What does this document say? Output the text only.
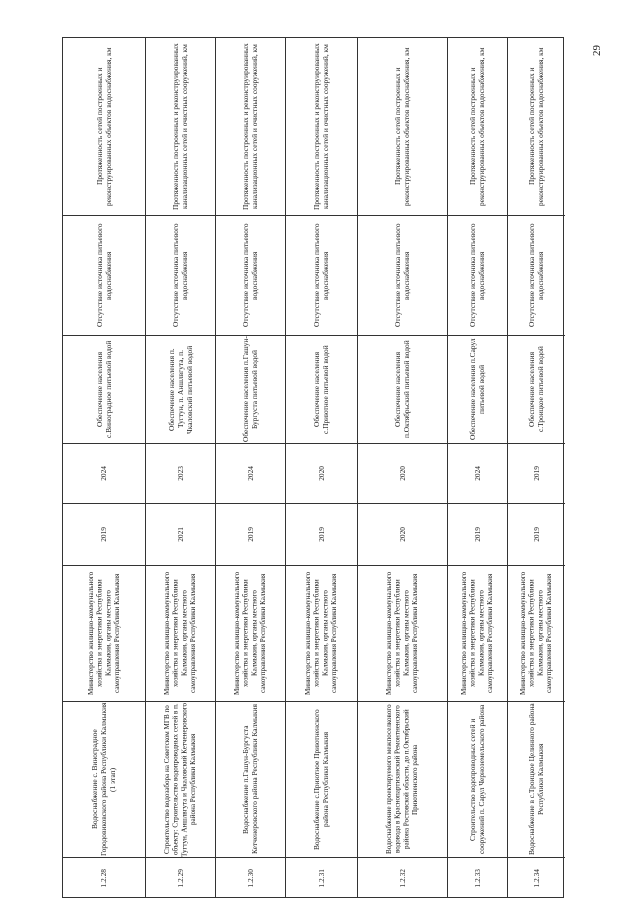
29
Протяженность сетей построенных и реконструированных объектов водоснабжения, км
Отсутствие источника питьевого водоснабжения
Обеспечение населения с.Виноградное питьевой водой
2024
2019
Министерство жилищно-коммунального хозяйства и энергетики Республики Калмыкия, органы местного самоуправления Республики Калмыкия
Водоснабжение с. Виноградное Городовиковского района Республики Калмыкия (1 этап)
1.2.28
Протяженность построенных и реконструированных канализационных сетей и очистных сооружений, км
Отсутствие источника питьевого водоснабжения
Обеспечение населения п. Тугтун, п. Аншлвгута, п. Чкаловский питьевой водой
2023
2021
Министерство жилищно-коммунального хозяйства и энергетики Республики Калмыкия, органы местного самоуправления Республики Калмыкия
Строительство водозабора на Советском МГВ по объекту: Строительство водопроводных сетей в п. Тугтун, Аншлвгута и Чкаловский Кетченеровского района Республики Калмыкия
1.2.29
Протяженность построенных и реконструированных канализационных сетей и очистных сооружений, км
Отсутствие источника питьевого водоснабжения
Обеспечение населения п.Гашун-Бургуста питьевой водой
2024
2019
Министерство жилищно-коммунального хозяйства и энергетики Республики Калмыкия, органы местного самоуправления Республики Калмыкия
Водоснабжение п.Гашун-Бургуста Кетченеровского района Республики Калмыкия
1.2.30
Протяженность построенных и реконструированных канализационных сетей и очистных сооружений, км
Отсутствие источника питьевого водоснабжения
Обеспечение населения с.Приютное питьевой водой
2020
2019
Министерство жилищно-коммунального хозяйства и энергетики Республики Калмыкия, органы местного самоуправления Республики Калмыкия
Водоснабжение с.Приютное Приютненского района Республики Калмыкия
1.2.31
Протяженность сетей построенных и реконструированных объектов водоснабжения, км
Отсутствие источника питьевого водоснабжения
Обеспечение населения п.Октябрьский питьевой водой
2020
2020
Министерство жилищно-коммунального хозяйства и энергетики Республики Калмыкия, органы местного самоуправления Республики Калмыкия
Водоснабжение проектируемого межпоселкового водовода в Краснопартизанский Ремонтненского района Ростовской области, до п.Октябрьский Приютненского района
1.2.32
Протяженность сетей построенных и реконструированных объектов водоснабжения, км
Отсутствие источника питьевого водоснабжения
Обеспечение населения п.Сарул питьевой водой
2024
2019
Министерство жилищно-коммунального хозяйства и энергетики Республики Калмыкия, органы местного самоуправления Республики Калмыкия
Строительство водопроводных сетей и сооружений п. Сарул Черноземельского района
1.2.33
Протяженность сетей построенных и реконструированных объектов водоснабжения, км
Отсутствие источника питьевого водоснабжения
Обеспечение населения с.Троицкое питьевой водой
2019
2019
Министерство жилищно-коммунального хозяйства и энергетики Республики Калмыкия, органы местного самоуправления Республики Калмыкия
Водоснабжение в с.Троицкое Целинного района Республики Калмыкия
1.2.34
